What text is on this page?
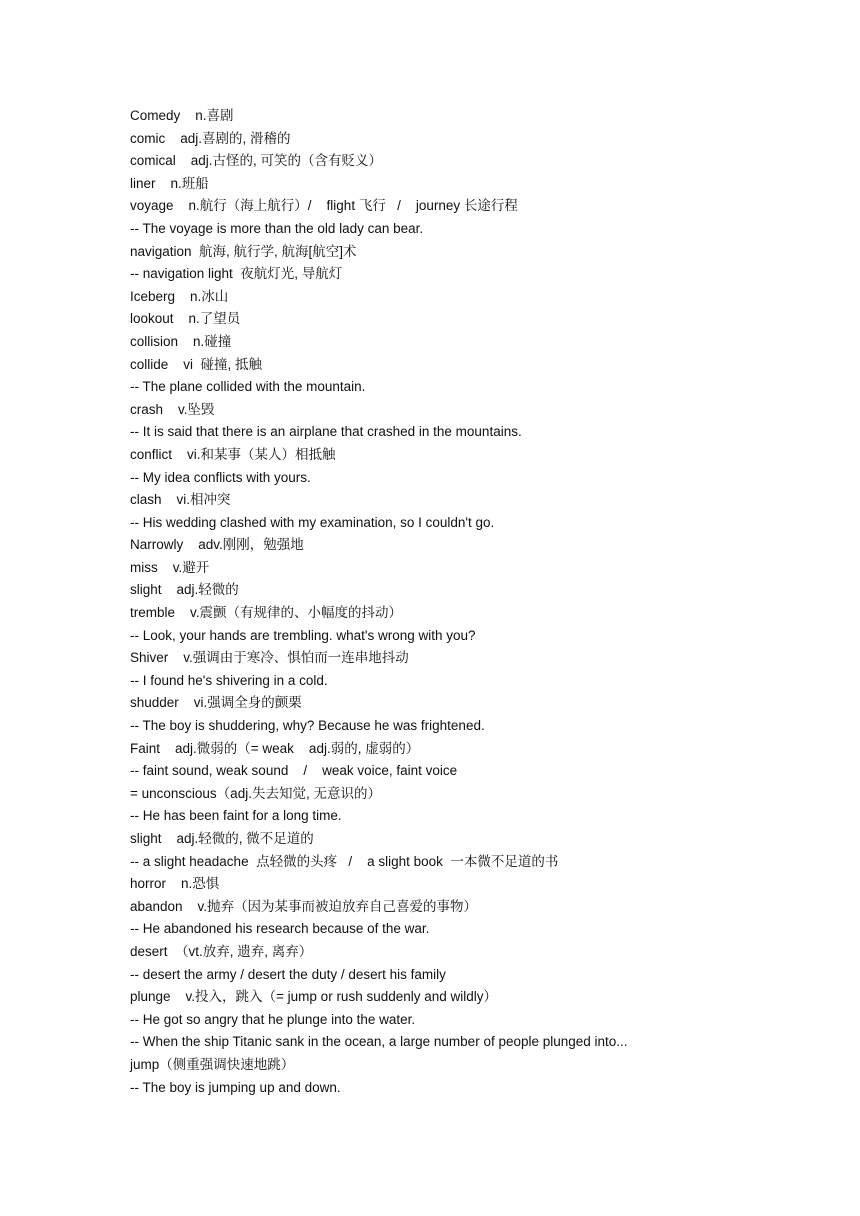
Comedy    n.喜剧
comic    adj.喜剧的, 滑稽的
comical    adj.古怪的, 可笑的（含有贬义）
liner    n.班船
voyage    n.航行（海上航行）/    flight 飞行   /    journey 长途行程
-- The voyage is more than the old lady can bear.
navigation  航海, 航行学, 航海[航空]术
-- navigation light  夜航灯光, 导航灯
Iceberg    n.冰山
lookout    n.了望员
collision    n.碰撞
collide    vi  碰撞, 抵触
-- The plane collided with the mountain.
crash    v.坠毁
-- It is said that there is an airplane that crashed in the mountains.
conflict    vi.和某事（某人）相抵触
-- My idea conflicts with yours.
clash    vi.相冲突
-- His wedding clashed with my examination, so I couldn't go.
Narrowly    adv.刚刚，勉强地
miss    v.避开
slight    adj.轻微的
tremble    v.震颤（有规律的、小幅度的抖动）
-- Look, your hands are trembling. what's wrong with you?
Shiver    v.强调由于寒冷、惧怕而一连串地抖动
-- I found he's shivering in a cold.
shudder    vi.强调全身的颤栗
-- The boy is shuddering, why? Because he was frightened.
Faint    adj.微弱的（= weak    adj.弱的, 虚弱的）
-- faint sound, weak sound    /    weak voice, faint voice
= unconscious（adj.失去知觉, 无意识的）
-- He has been faint for a long time.
slight    adj.轻微的, 微不足道的
-- a slight headache  点轻微的头疼   /    a slight book  一本微不足道的书
horror    n.恐惧
abandon    v.抛弃（因为某事而被迫放弃自己喜爱的事物）
-- He abandoned his research because of the war.
desert  （vt.放弃, 遗弃, 离弃）
-- desert the army / desert the duty / desert his family
plunge    v.投入，跳入（= jump or rush suddenly and wildly）
-- He got so angry that he plunge into the water.
-- When the ship Titanic sank in the ocean, a large number of people plunged into...
jump（侧重强调快速地跳）
-- The boy is jumping up and down.
